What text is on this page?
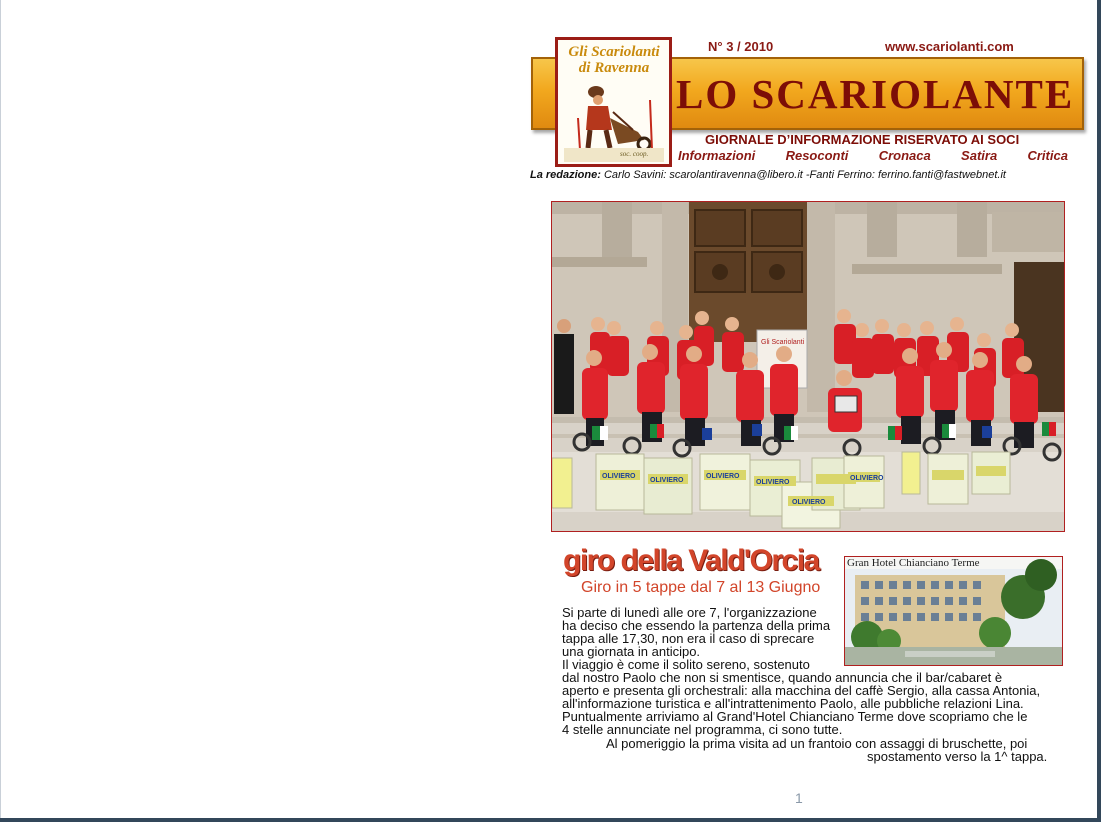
LO SCARIOLANTE
soc. coop.
Gli Scariolanti di Ravenna
N° 3 / 2010	www.scariolanti.com
GIORNALE D’INFORMAZIONE RISERVATO AI SOCI
Informazioni Resoconti Cronaca Satira Critica
La redazione: Carlo Savini: scarolantiravenna@libero.it -Fanti Ferrino: ferrino.fanti@fastwebnet.it
Gli Scariolanti
OLIVIERO
OLIVIERO
OLIVIERO
OLIVIERO
OLIVIERO
OLIVIERO
giro della Vald'Orcia
Giro in 5 tappe dal 7 al 13 Giugno
Gran Hotel Chianciano Terme
Si parte di lunedì alle ore 7, l'organizzazione
ha deciso che essendo la partenza della prima
tappa alle 17,30, non era il caso di sprecare
una giornata in anticipo.
Il viaggio è come il solito sereno, sostenuto
dal nostro Paolo che non si smentisce, quando annuncia che il bar/cabaret è
aperto e presenta gli orchestrali: alla macchina del caffè Sergio, alla cassa Antonia,
all'informazione turistica e all'intrattenimento Paolo, alle pubbliche relazioni Lina.
Puntualmente arriviamo al Grand'Hotel Chianciano Terme dove scopriamo che le
4 stelle annunciate nel programma, ci sono tutte.
Al pomeriggio la prima visita ad un frantoio con assaggi di bruschette, poi
spostamento verso la 1^ tappa.
1
